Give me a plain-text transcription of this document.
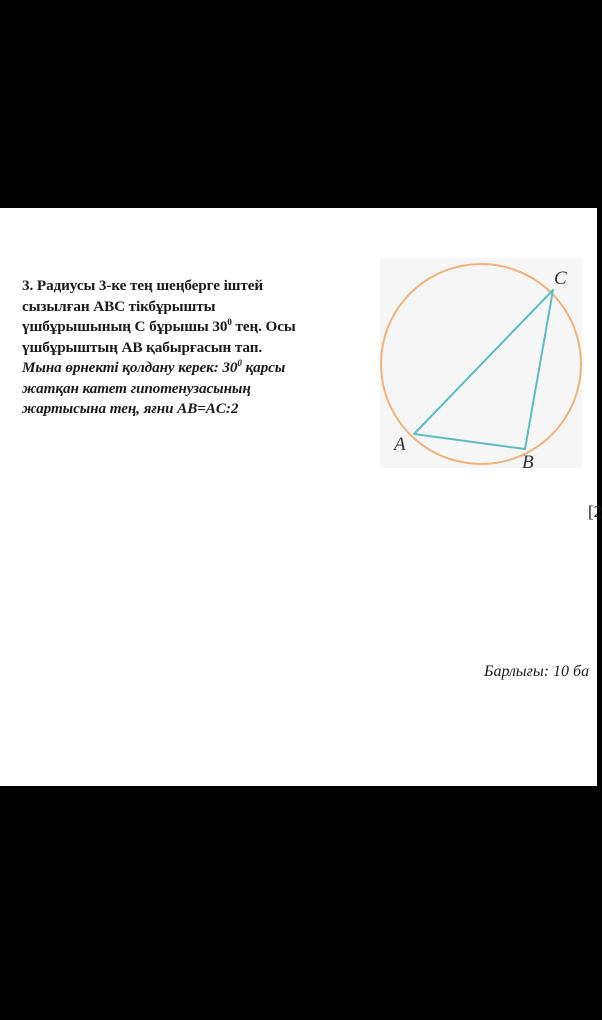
3. Радиусы 3-ке тең шеңберге іштей
сызылған ABC тікбұрышты
үшбұрышының C бұрышы $30^0$ тең. Осы
үшбұрыштың AB қабырғасын тап.
Мына өрнекті қолдану керек: $30^0$ қарсы
жатқан катет гипотенузасының
жартысына тең, яғни AB=AC:2
A
B
C
[2
Барлығы: 10 ба
